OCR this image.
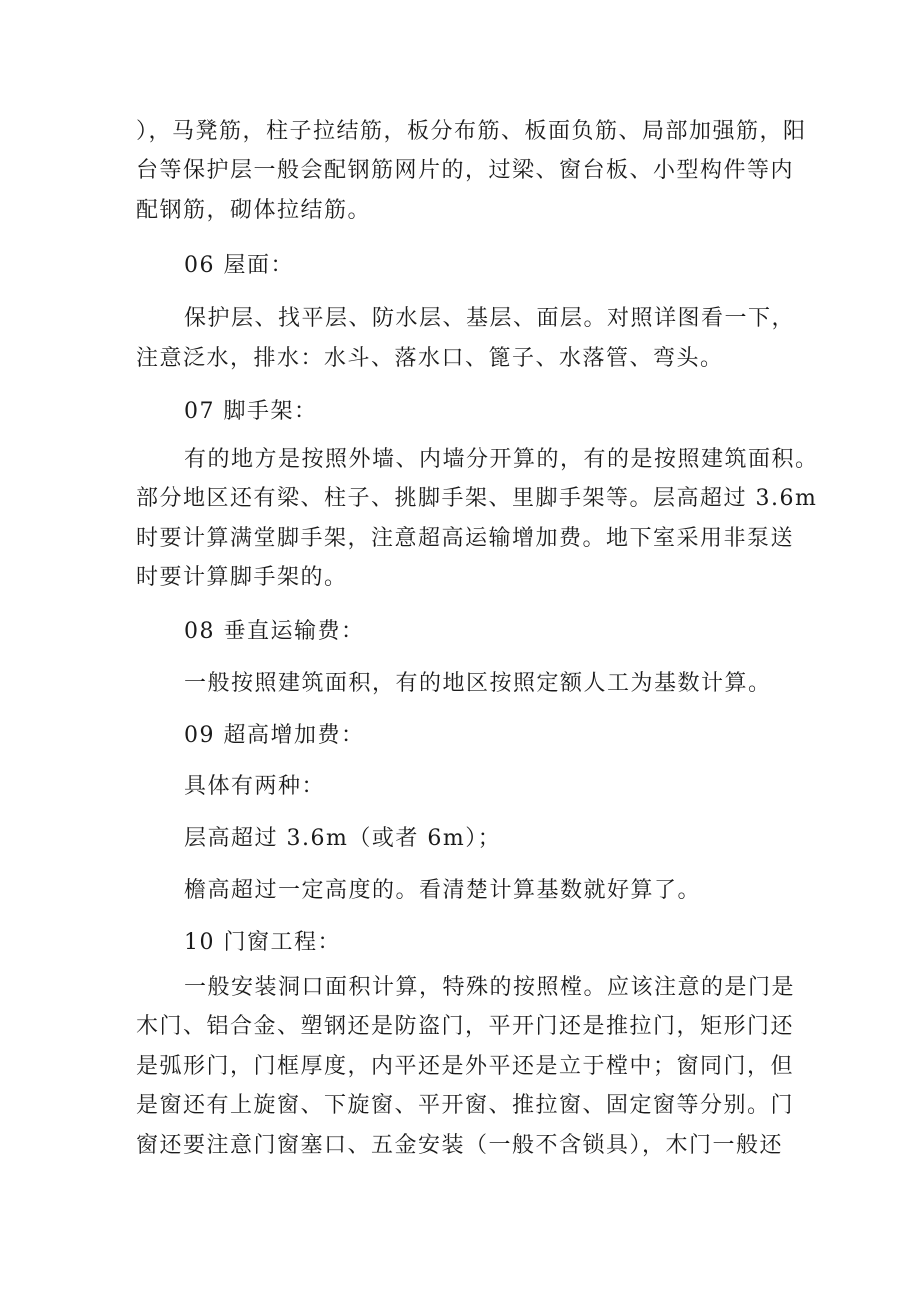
），马凳筋，柱子拉结筋，板分布筋、板面负筋、局部加强筋，阳
台等保护层一般会配钢筋网片的，过梁、窗台板、小型构件等内
配钢筋，砌体拉结筋。
06 屋面：
保护层、找平层、防水层、基层、面层。对照详图看一下，
注意泛水，排水：水斗、落水口、篦子、水落管、弯头。
07 脚手架：
有的地方是按照外墙、内墙分开算的，有的是按照建筑面积。
部分地区还有梁、柱子、挑脚手架、里脚手架等。层高超过 3.6m
时要计算满堂脚手架，注意超高运输增加费。地下室采用非泵送
时要计算脚手架的。
08 垂直运输费：
一般按照建筑面积，有的地区按照定额人工为基数计算。
09 超高增加费：
具体有两种：
层高超过 3.6m（或者 6m）；
檐高超过一定高度的。看清楚计算基数就好算了。
10 门窗工程：
一般安装洞口面积计算，特殊的按照樘。应该注意的是门是
木门、铝合金、塑钢还是防盗门，平开门还是推拉门，矩形门还
是弧形门，门框厚度，内平还是外平还是立于樘中；窗同门，但
是窗还有上旋窗、下旋窗、平开窗、推拉窗、固定窗等分别。门
窗还要注意门窗塞口、五金安装（一般不含锁具），木门一般还
